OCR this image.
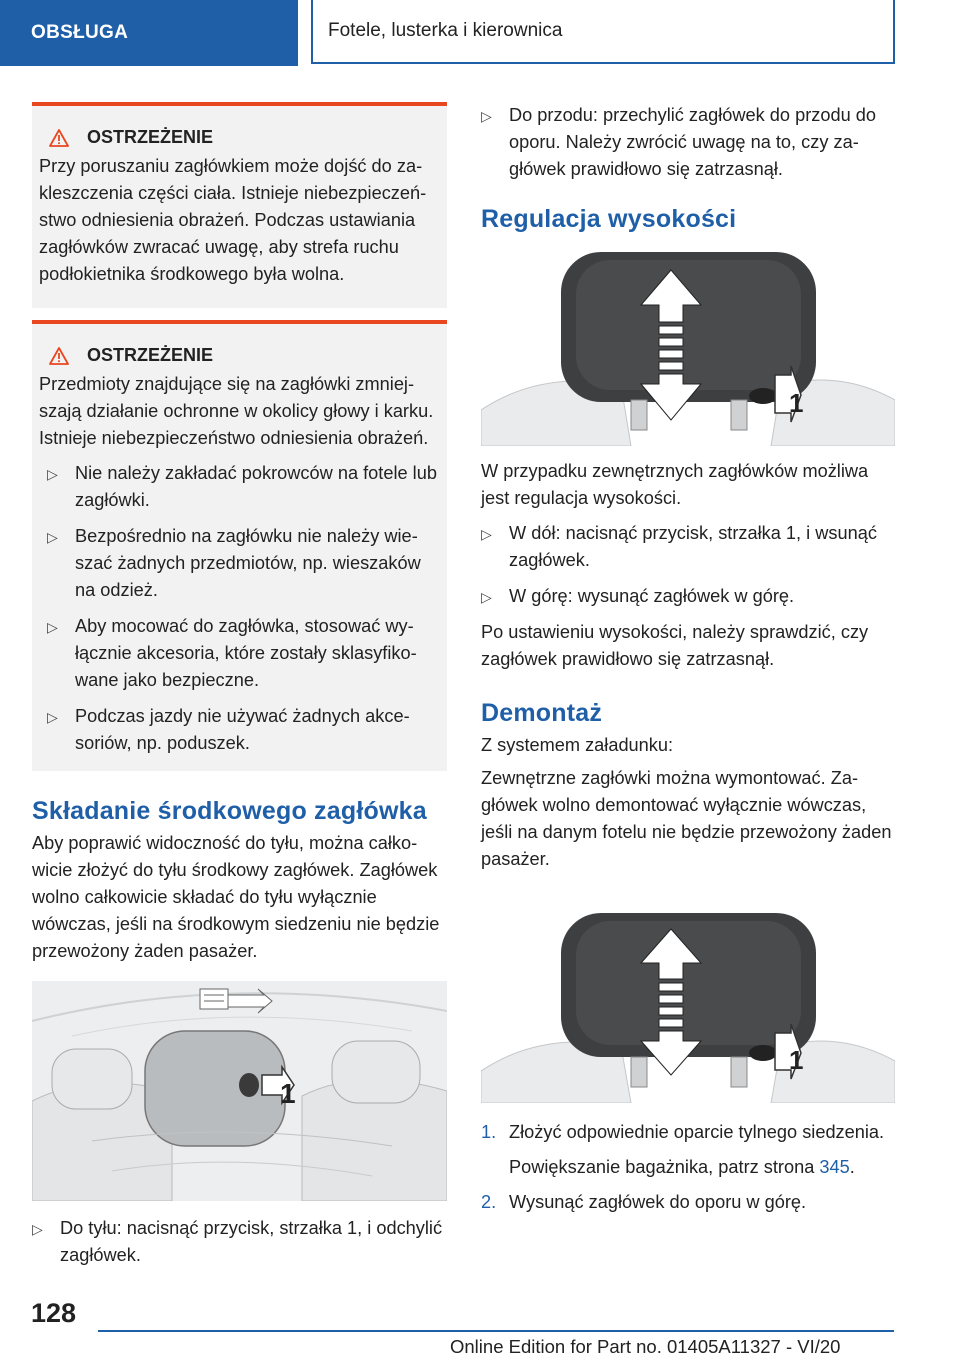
OBSŁUGA	Fotele, lusterka i kierownica
OSTRZEŻENIE

Przy poruszaniu zagłówkiem może dojść do zakleszczenia części ciała. Istnieje niebezpieczeństwo odniesienia obrażeń. Podczas ustawiania zagłówków zwracać uwagę, aby strefa ruchu podłokietnika środkowego była wolna.

OSTRZEŻENIE

Przedmioty znajdujące się na zagłówki zmniejszają działanie ochronne w okolicy głowy i karku. Istnieje niebezpieczeństwo odniesienia obrażeń.

▷ Nie należy zakładać pokrowców na fotele lub zagłówki.
▷ Bezpośrednio na zagłówku nie należy wieszać żadnych przedmiotów, np. wieszaków na odzież.
▷ Aby mocować do zagłówka, stosować wyłącznie akcesoria, które zostały sklasyfikowane jako bezpieczne.
▷ Podczas jazdy nie używać żadnych akcesoriów, np. poduszek.
Składanie środkowego zagłówka

Aby poprawić widoczność do tyłu, można całkowicie złożyć do tyłu środkowy zagłówek. Zagłówek wolno całkowicie składać do tyłu wyłącznie wówczas, jeśli na środkowym siedzeniu nie będzie przewożony żaden pasażer.

1
▷ Do tyłu: nacisnąć przycisk, strzałka 1, i odchylić zagłówek.
▷ Do przodu: przechylić zagłówek do przodu do oporu. Należy zwrócić uwagę na to, czy zagłówek prawidłowo się zatrzasnął.
Regulacja wysokości
1

W przypadku zewnętrznych zagłówków możliwa jest regulacja wysokości.

▷ W dół: nacisnąć przycisk, strzałka 1, i wsunąć zagłówek.
▷ W górę: wysunąć zagłówek w górę.

Po ustawieniu wysokości, należy sprawdzić, czy zagłówek prawidłowo się zatrzasnął.

Demontaż

Z systemem załadunku:

Zewnętrzne zagłówki można wymontować. Zagłówek wolno demontować wyłącznie wówczas, jeśli na danym fotelu nie będzie przewożony żaden pasażer.

1
1. Złożyć odpowiednie oparcie tylnego siedzenia.
Powiększanie bagażnika, patrz strona 345.
2. Wysunąć zagłówek do oporu w górę.
128
Online Edition for Part no. 01405A11327 - VI/20
